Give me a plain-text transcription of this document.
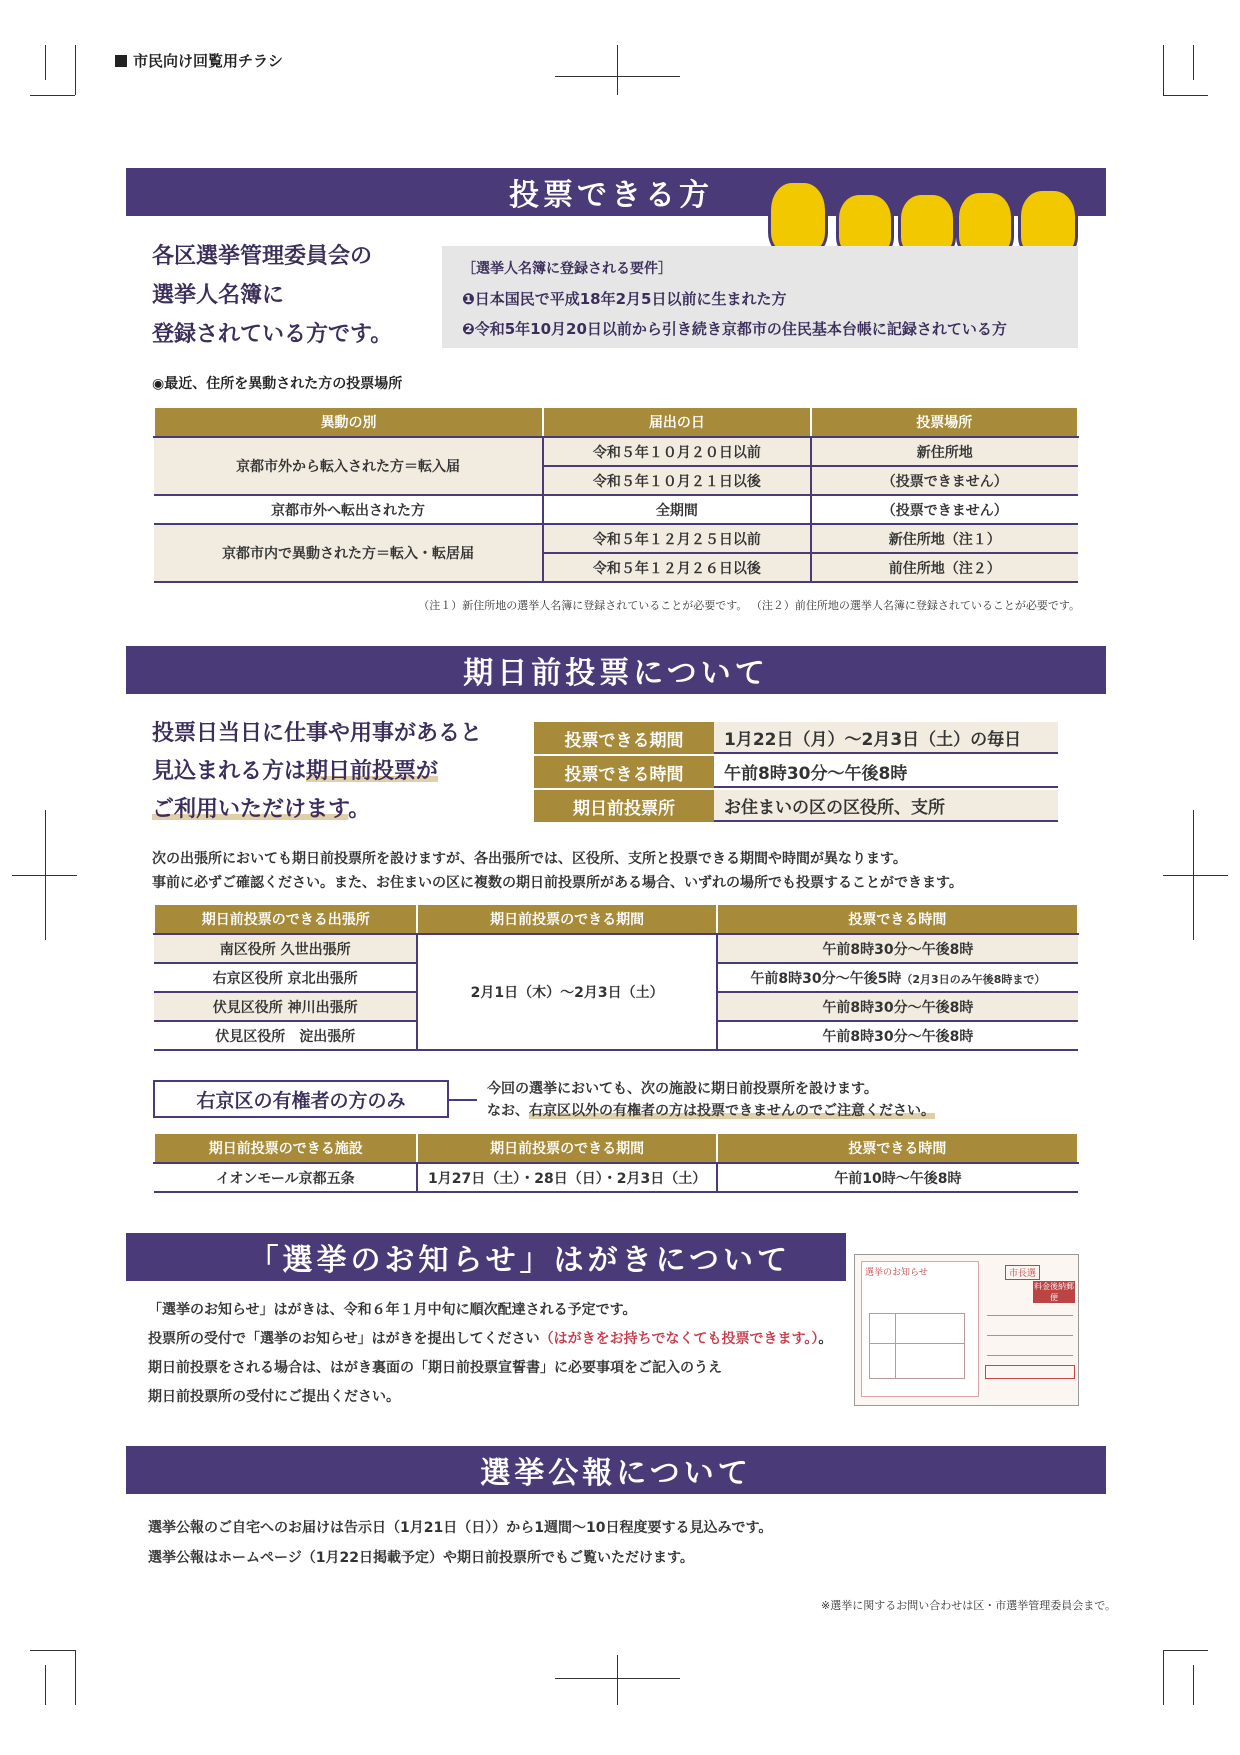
市民向け回覧用チラシ
投票できる方
各区選挙管理委員会の
選挙人名簿に
登録されている方です。
［選挙人名簿に登録される要件］
❶日本国民で平成18年2月5日以前に生まれた方
❷令和5年10月20日以前から引き続き京都市の住民基本台帳に記録されている方
◉最近、住所を異動された方の投票場所
異動の別	届出の日	投票場所
京都市外から転入された方＝転入届	令和５年１０月２０日以前	新住所地
	令和５年１０月２１日以後	（投票できません）
京都市外へ転出された方	全期間	（投票できません）
京都市内で異動された方＝転入・転居届	令和５年１２月２５日以前	新住所地（注１）
	令和５年１２月２６日以後	前住所地（注２）
（注１）新住所地の選挙人名簿に登録されていることが必要です。 （注２）前住所地の選挙人名簿に登録されていることが必要です。
期日前投票について
投票日当日に仕事や用事があると
見込まれる方は期日前投票が
ご利用いただけます。
投票できる期間	1月22日（月）～2月3日（土）の毎日
投票できる時間	午前8時30分～午後8時
期日前投票所	お住まいの区の区役所、支所
次の出張所においても期日前投票所を設けますが、各出張所では、区役所、支所と投票できる期間や時間が異なります。
事前に必ずご確認ください。また、お住まいの区に複数の期日前投票所がある場合、いずれの場所でも投票することができます。
期日前投票のできる出張所	期日前投票のできる期間	投票できる時間
南区役所 久世出張所	2月1日（木）～2月3日（土）	午前8時30分～午後8時
右京区役所 京北出張所		午前8時30分～午後5時（2月3日のみ午後8時まで）
伏見区役所 神川出張所		午前8時30分～午後8時
伏見区役所　淀出張所		午前8時30分～午後8時
右京区の有権者の方のみ
今回の選挙においても、次の施設に期日前投票所を設けます。
なお、右京区以外の有権者の方は投票できませんのでご注意ください。
期日前投票のできる施設	期日前投票のできる期間	投票できる時間
イオンモール京都五条	1月27日（土）・28日（日）・2月3日（土）	午前10時～午後8時
「選挙のお知らせ」はがきについて	選挙のお知らせ	市長選
料金後納郵便
「選挙のお知らせ」はがきは、令和６年１月中旬に順次配達される予定です。
投票所の受付で「選挙のお知らせ」はがきを提出してください（はがきをお持ちでなくても投票できます。）。
期日前投票をされる場合は、はがき裏面の「期日前投票宣誓書」に必要事項をご記入のうえ
期日前投票所の受付にご提出ください。
選挙公報について
選挙公報のご自宅へのお届けは告示日（1月21日（日））から1週間～10日程度要する見込みです。
選挙公報はホームページ（1月22日掲載予定）や期日前投票所でもご覧いただけます。
※選挙に関するお問い合わせは区・市選挙管理委員会まで。
